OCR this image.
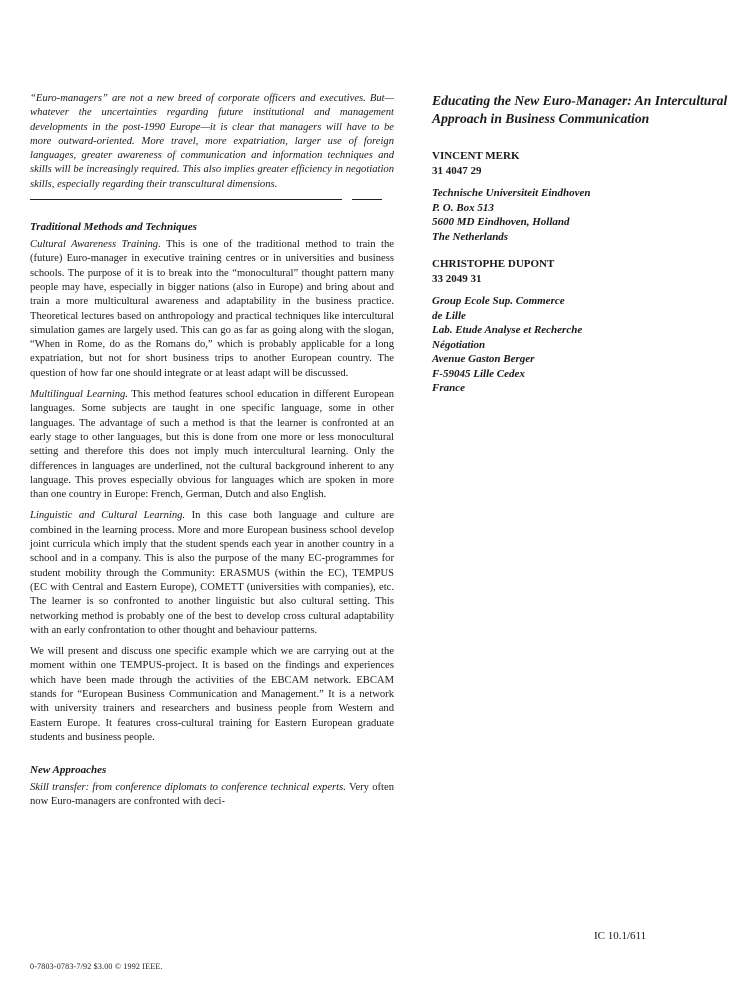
“Euro-managers” are not a new breed of corporate officers and executives. But—whatever the uncertainties regarding future institutional and management developments in the post-1990 Europe—it is clear that managers will have to be more outward-oriented. More travel, more expatriation, larger use of foreign languages, greater awareness of communication and information techniques and skills will be increasingly required. This also implies greater efficiency in negotiation skills, especially regarding their transcultural dimensions.

Traditional Methods and Techniques

Cultural Awareness Training. This is one of the traditional method to train the (future) Euro-manager in executive training centres or in universities and business schools. The purpose of it is to break into the “monocultural” thought pattern many people may have, especially in bigger nations (also in Europe) and bring about and train a more multicultural awareness and adaptability in the business practice. Theoretical lectures based on anthropology and practical techniques like intercultural simulation games are largely used. This can go as far as going along with the slogan, “When in Rome, do as the Romans do,” which is probably applicable for a long expatriation, but not for short business trips to another European country. The question of how far one should integrate or at least adapt will be discussed.

Multilingual Learning. This method features school education in different European languages. Some subjects are taught in one specific language, some in other languages. The advantage of such a method is that the learner is confronted at an early stage to other languages, but this is done from one more or less monocultural setting and therefore this does not imply much intercultural learning. Only the differences in languages are underlined, not the cultural background inherent to any language. This proves especially obvious for languages which are spoken in more than one country in Europe: French, German, Dutch and also English.

Linguistic and Cultural Learning. In this case both language and culture are combined in the learning process. More and more European business school develop joint curricula which imply that the student spends each year in another country in a school and in a company. This is also the purpose of the many EC-programmes for student mobility through the Community: ERASMUS (within the EC), TEMPUS (EC with Central and Eastern Europe), COMETT (universities with companies), etc. The learner is so confronted to another linguistic but also cultural setting. This networking method is probably one of the best to develop cross cultural adaptability with an early confrontation to other thought and behaviour patterns.

We will present and discuss one specific example which we are carrying out at the moment within one TEMPUS-project. It is based on the findings and experiences which have been made through the activities of the EBCAM network. EBCAM stands for “European Business Communication and Management.” It is a network with university trainers and researchers and business people from Western and Eastern Europe. It features cross-cultural training for Eastern European graduate students and business people.

New Approaches

Skill transfer: from conference diplomats to conference technical experts. Very often now Euro-managers are confronted with deci-

Educating the New Euro-Manager: An Intercultural Approach in Business Communication
VINCENT MERK
31 4047 29
Technische Universiteit Eindhoven
P. O. Box 513
5600 MD Eindhoven, Holland
The Netherlands
CHRISTOPHE DUPONT
33 2049 31
Group Ecole Sup. Commerce
de Lille
Lab. Etude Analyse et Recherche
Négotiation
Avenue Gaston Berger
F-59045 Lille Cedex
France
IC 10.1/611
0-7803-0783-7/92 $3.00 © 1992 IEEE.
